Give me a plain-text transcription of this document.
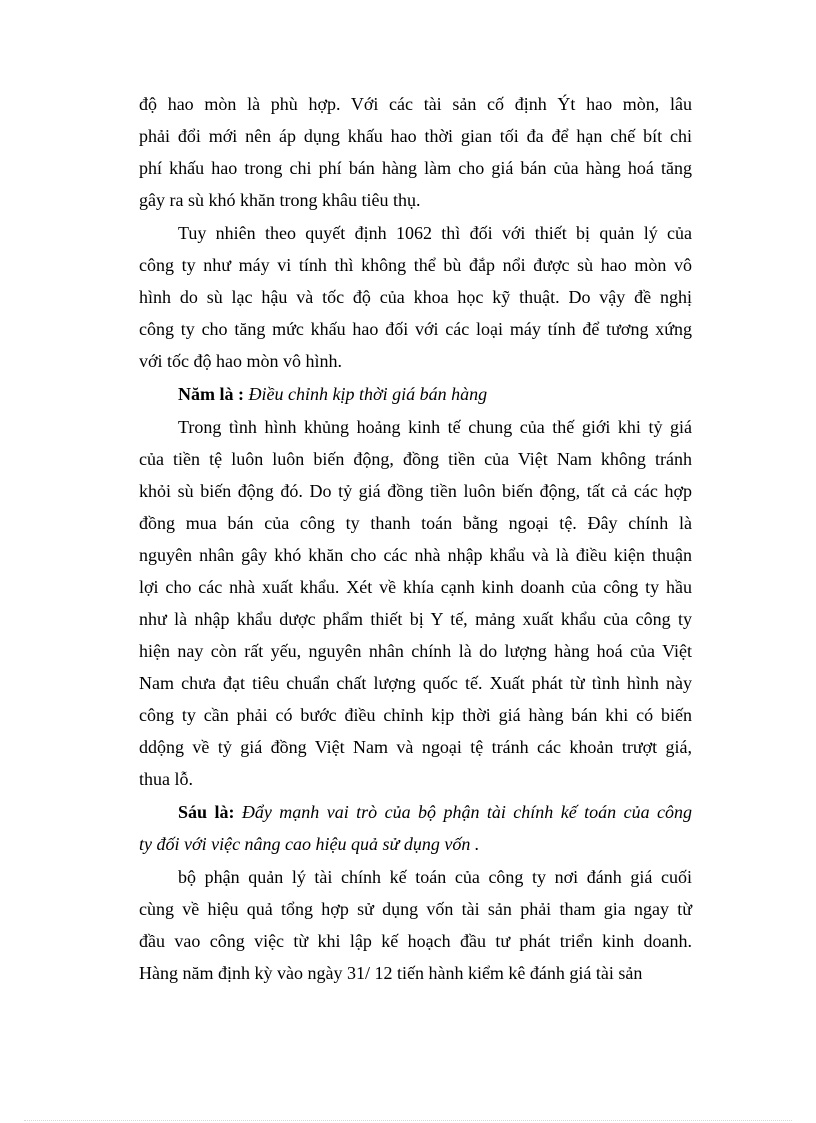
độ hao mòn là phù hợp. Với các tài sản cố định Ýt hao mòn, lâu
phải đổi mới nên áp dụng khấu hao thời gian tối đa để hạn chế bít chi
phí khấu hao trong chi phí bán hàng làm cho giá bán của hàng hoá tăng
gây ra sù khó khăn trong khâu tiêu thụ.

Tuy nhiên theo quyết định 1062 thì đối với thiết bị quản lý của
công ty như máy vi tính thì không thể bù đắp nổi được sù hao mòn vô
hình do sù lạc hậu và tốc độ của khoa học kỹ thuật. Do vậy đề nghị
công ty cho tăng mức khấu hao đối với các loại máy tính để tương xứng
với tốc độ hao mòn vô hình.

Năm là : Điều chỉnh kịp thời giá bán hàng

Trong tình hình khủng hoảng kinh tế chung của thế giới khi tỷ giá
của tiền tệ luôn luôn biến động, đồng tiền của Việt Nam không tránh
khỏi sù biến động đó. Do tỷ giá đồng tiền luôn biến động, tất cả các hợp
đồng mua bán của công ty thanh toán bằng ngoại tệ. Đây chính là
nguyên nhân gây khó khăn cho các nhà nhập khẩu và là điều kiện thuận
lợi cho các nhà xuất khẩu. Xét về khía cạnh kinh doanh của công ty hầu
như là nhập khẩu dược phẩm thiết bị Y tế, mảng xuất khẩu của công ty
hiện nay còn rất yếu, nguyên nhân chính là do lượng hàng hoá của Việt
Nam chưa đạt tiêu chuẩn chất lượng quốc tế. Xuất phát từ tình hình này
công ty cần phải có bước điều chỉnh kịp thời giá hàng bán khi có biến
ddộng về tỷ giá đồng Việt Nam và ngoại tệ tránh các khoản trượt giá,
thua lỗ.

Sáu là: Đẩy mạnh vai trò của bộ phận tài chính kế toán của công
ty đối với việc nâng cao hiệu quả sử dụng vốn .

bộ phận quản lý tài chính kế toán của công ty nơi đánh giá cuối
cùng về hiệu quả tổng hợp sử dụng vốn tài sản phải tham gia ngay từ
đầu vao công việc từ khi lập kế hoạch đầu tư phát triển kinh doanh.
Hàng năm định kỳ vào ngày 31/ 12 tiến hành kiểm kê đánh giá tài sản
